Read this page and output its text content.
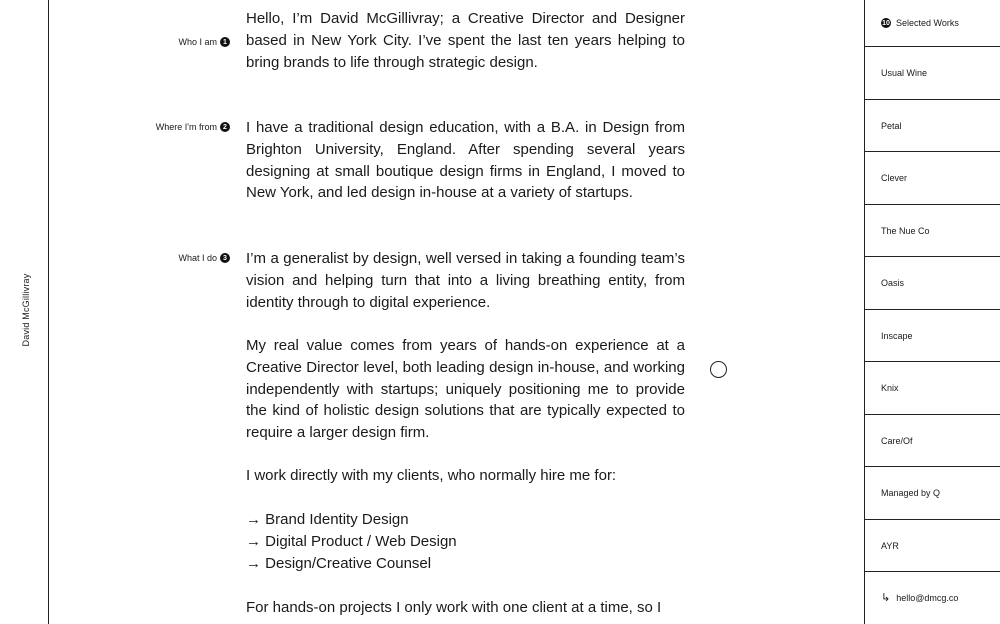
David McGillivray
Who I am 1
Where I'm from 2
What I do 3

Hello, I’m David McGillivray; a Creative Director and Designer based in New York City. I’ve spent the last ten years helping to bring brands to life through strategic design.

I have a traditional design education, with a B.A. in Design from Brighton University, England. After spending several years designing at small boutique design firms in England, I moved to New York, and led design in-house at a variety of startups.

I’m a generalist by design, well versed in taking a founding team’s vision and helping turn that into a living breathing entity, from identity through to digital experience.

My real value comes from years of hands-on experience at a Creative Director level, both leading design in-house, and working independently with startups; uniquely positioning me to provide the kind of holistic design solutions that are typically expected to require a larger design firm.

I work directly with my clients, who normally hire me for:

→ Brand Identity Design

→ Digital Product / Web Design

→ Design/Creative Counsel

For hands-on projects I only work with one client at a time, so I

10 Selected Works
Usual Wine
Petal
Clever
The Nue Co
Oasis
Inscape
Knix
Care/Of
Managed by Q
AYR
↳ hello@dmcg.co
